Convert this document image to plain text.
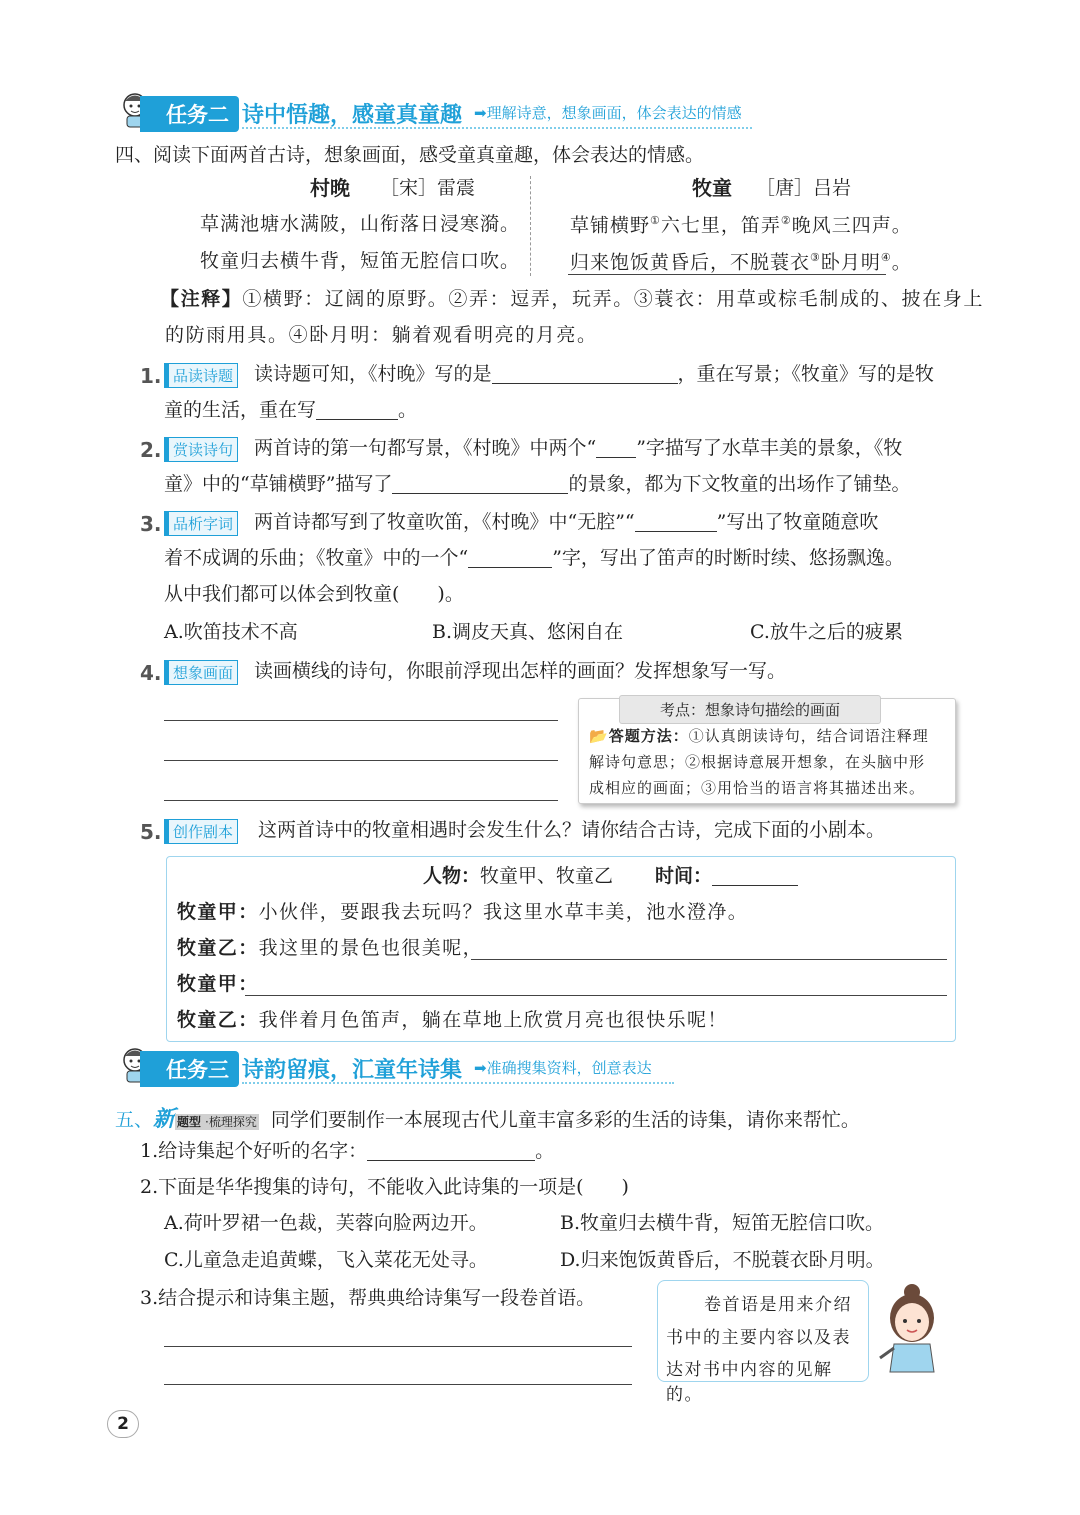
任务二 诗中悟趣，感童真童趣 ➡理解诗意，想象画面，体会表达的情感
四、阅读下面两首古诗，想象画面，感受童真童趣，体会表达的情感。
村晚 ［宋］雷震
草满池塘水满陂，山衔落日浸寒漪。
牧童归去横牛背，短笛无腔信口吹。
牧童 ［唐］吕岩
草铺横野①六七里，笛弄②晚风三四声。
归来饱饭黄昏后，不脱蓑衣③卧月明④。
【注释】①横野：辽阔的原野。②弄：逗弄，玩弄。③蓑衣：用草或棕毛制成的、披在身上
的防雨用具。④卧月明：躺着观看明亮的月亮。
1. 品读诗题 读诗题可知，《村晚》写的是	，重在写景；《牧童》写的是牧
童的生活，重在写	。
2. 赏读诗句 两首诗的第一句都写景，《村晚》中两个“ ”字描写了水草丰美的景象，《牧
童》中的“草铺横野”描写了	的景象，都为下文牧童的出场作了铺垫。
3. 品析字词 两首诗都写到了牧童吹笛，《村晚》中“无腔”“	”写出了牧童随意吹
着不成调的乐曲；《牧童》中的一个“	”字，写出了笛声的时断时续、悠扬飘逸。
从中我们都可以体会到牧童(　　)。
A.吹笛技术不高	B.调皮天真、悠闲自在	C.放牛之后的疲累
4. 想象画面 读画横线的诗句，你眼前浮现出怎样的画面？发挥想象写一写。
考点：想象诗句描绘的画面
📂答题方法：①认真朗读诗句，结合词语注释理
解诗句意思；②根据诗意展开想象，在头脑中形
成相应的画面；③用恰当的语言将其描述出来。
5. 创作剧本 这两首诗中的牧童相遇时会发生什么？请你结合古诗，完成下面的小剧本。
人物：牧童甲、牧童乙 时间：
牧童甲：小伙伴，要跟我去玩吗？我这里水草丰美，池水澄净。
牧童乙：我这里的景色也很美呢，
牧童甲：
牧童乙：我伴着月色笛声，躺在草地上欣赏月亮也很快乐呢！
任务三 诗韵留痕，汇童年诗集 ➡准确搜集资料，创意表达
五、新 题型 ·梳理探究 同学们要制作一本展现古代儿童丰富多彩的生活的诗集，请你来帮忙。
1.给诗集起个好听的名字：	。
2.下面是华华搜集的诗句，不能收入此诗集的一项是(　　)
A.荷叶罗裙一色裁，芙蓉向脸两边开。	B.牧童归去横牛背，短笛无腔信口吹。
C.儿童急走追黄蝶，飞入菜花无处寻。	D.归来饱饭黄昏后，不脱蓑衣卧月明。
3.结合提示和诗集主题，帮典典给诗集写一段卷首语。	卷首语是用来介绍
书中的主要内容以及表
达对书中内容的见解的。
2
